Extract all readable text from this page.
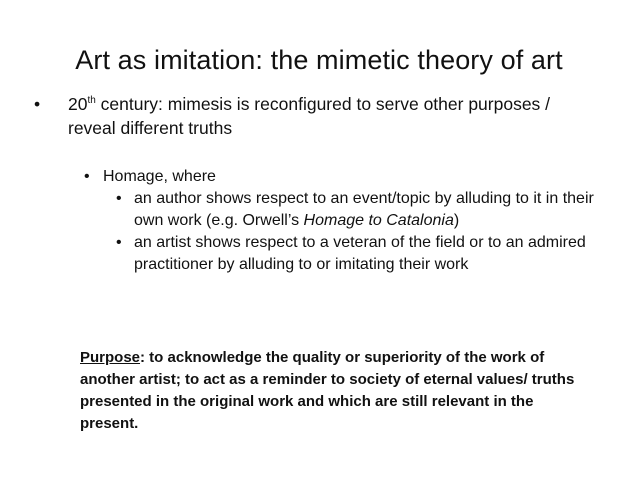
Art as imitation: the mimetic theory of art
• 20th century: mimesis is reconfigured to serve other purposes / reveal different truths
• Homage, where
• an author shows respect to an event/topic by alluding to it in their own work (e.g. Orwell’s Homage to Catalonia)
• an artist shows respect to a veteran of the field or to an admired practitioner by alluding to or imitating their work
Purpose: to acknowledge the quality or superiority of the work of another artist; to act as a reminder to society of eternal values/ truths presented in the original work and which are still relevant in the present.
